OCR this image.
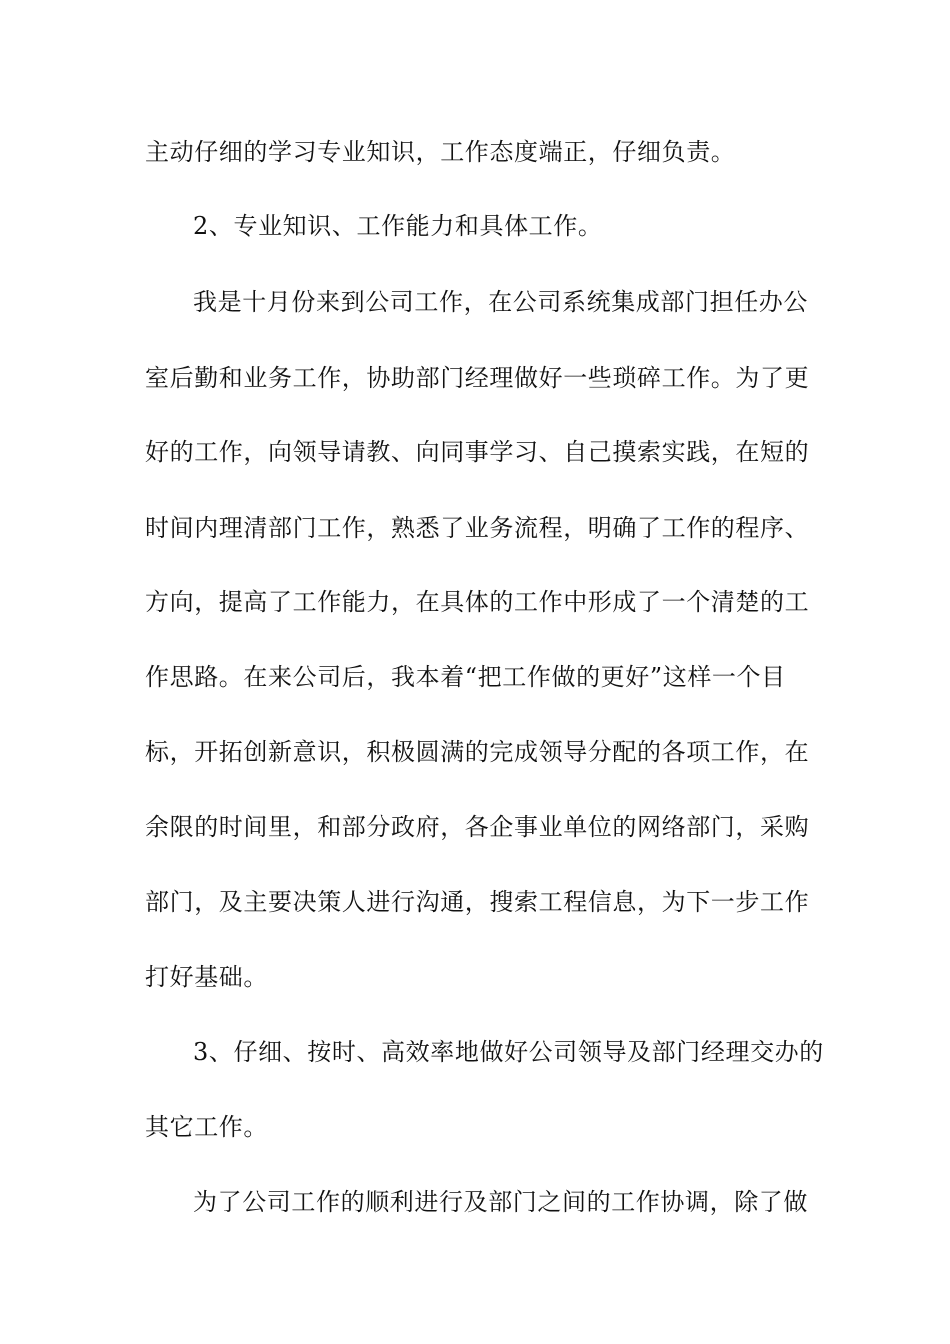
主动仔细的学习专业知识，工作态度端正，仔细负责。
2、专业知识、工作能力和具体工作。
我是十月份来到公司工作，在公司系统集成部门担任办公
室后勤和业务工作，协助部门经理做好一些琐碎工作。为了更
好的工作，向领导请教、向同事学习、自己摸索实践，在短的
时间内理清部门工作，熟悉了业务流程，明确了工作的程序、
方向，提高了工作能力，在具体的工作中形成了一个清楚的工
作思路。在来公司后，我本着“把工作做的更好”这样一个目
标，开拓创新意识，积极圆满的完成领导分配的各项工作，在
余限的时间里，和部分政府，各企事业单位的网络部门，采购
部门，及主要决策人进行沟通，搜索工程信息，为下一步工作
打好基础。
3、仔细、按时、高效率地做好公司领导及部门经理交办的
其它工作。
为了公司工作的顺利进行及部门之间的工作协调，除了做
